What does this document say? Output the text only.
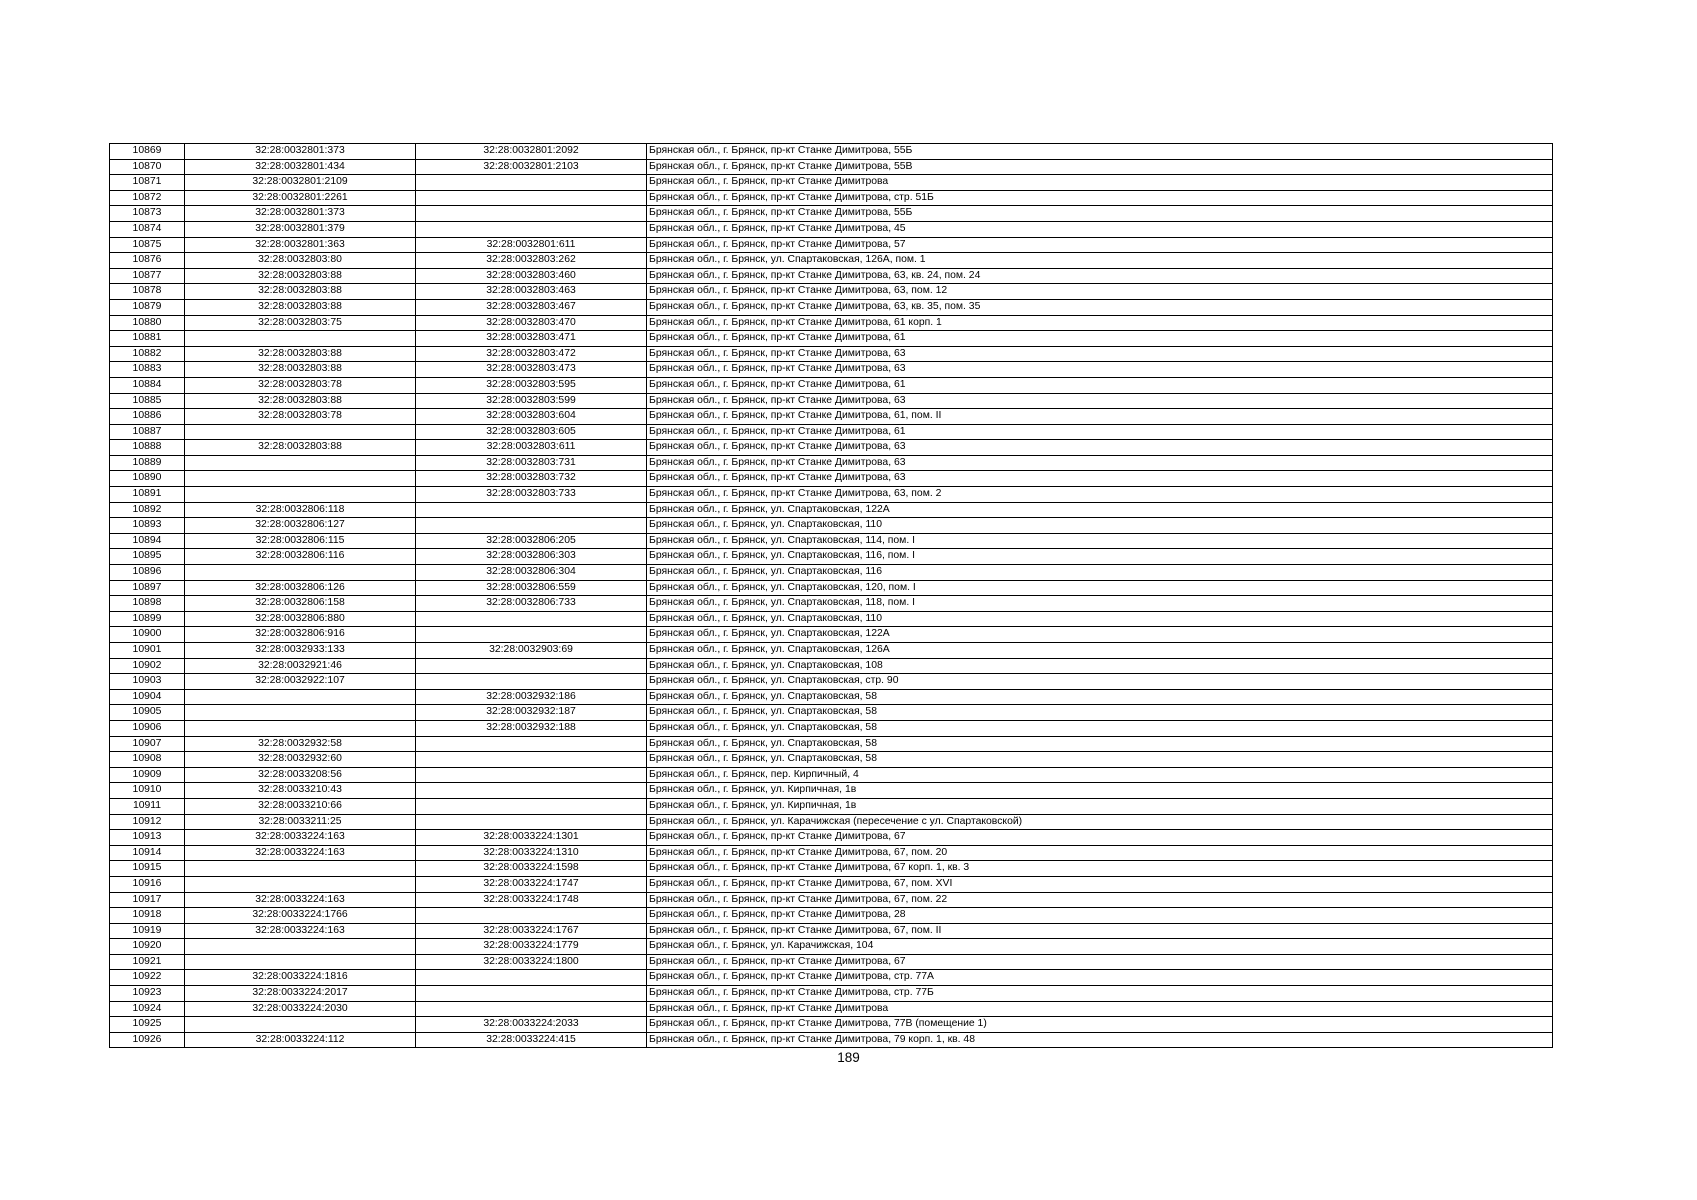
10869	32:28:0032801:373	32:28:0032801:2092	Брянская обл., г. Брянск, пр-кт Станке Димитрова, 55Б
10870	32:28:0032801:434	32:28:0032801:2103	Брянская обл., г. Брянск, пр-кт Станке Димитрова, 55В
10871	32:28:0032801:2109		Брянская обл., г. Брянск, пр-кт Станке Димитрова
10872	32:28:0032801:2261		Брянская обл., г. Брянск, пр-кт Станке Димитрова, стр. 51Б
10873	32:28:0032801:373		Брянская обл., г. Брянск, пр-кт Станке Димитрова, 55Б
10874	32:28:0032801:379		Брянская обл., г. Брянск, пр-кт Станке Димитрова, 45
10875	32:28:0032801:363	32:28:0032801:611	Брянская обл., г. Брянск, пр-кт Станке Димитрова, 57
10876	32:28:0032803:80	32:28:0032803:262	Брянская обл., г. Брянск, ул. Спартаковская, 126А, пом. 1
10877	32:28:0032803:88	32:28:0032803:460	Брянская обл., г. Брянск, пр-кт Станке Димитрова, 63, кв. 24, пом. 24
10878	32:28:0032803:88	32:28:0032803:463	Брянская обл., г. Брянск, пр-кт Станке Димитрова, 63, пом. 12
10879	32:28:0032803:88	32:28:0032803:467	Брянская обл., г. Брянск, пр-кт Станке Димитрова, 63, кв. 35, пом. 35
10880	32:28:0032803:75	32:28:0032803:470	Брянская обл., г. Брянск, пр-кт Станке Димитрова, 61 корп. 1
10881		32:28:0032803:471	Брянская обл., г. Брянск, пр-кт Станке Димитрова, 61
10882	32:28:0032803:88	32:28:0032803:472	Брянская обл., г. Брянск, пр-кт Станке Димитрова, 63
10883	32:28:0032803:88	32:28:0032803:473	Брянская обл., г. Брянск, пр-кт Станке Димитрова, 63
10884	32:28:0032803:78	32:28:0032803:595	Брянская обл., г. Брянск, пр-кт Станке Димитрова, 61
10885	32:28:0032803:88	32:28:0032803:599	Брянская обл., г. Брянск, пр-кт Станке Димитрова, 63
10886	32:28:0032803:78	32:28:0032803:604	Брянская обл., г. Брянск, пр-кт Станке Димитрова, 61, пом. II
10887		32:28:0032803:605	Брянская обл., г. Брянск, пр-кт Станке Димитрова, 61
10888	32:28:0032803:88	32:28:0032803:611	Брянская обл., г. Брянск, пр-кт Станке Димитрова, 63
10889		32:28:0032803:731	Брянская обл., г. Брянск, пр-кт Станке Димитрова, 63
10890		32:28:0032803:732	Брянская обл., г. Брянск, пр-кт Станке Димитрова, 63
10891		32:28:0032803:733	Брянская обл., г. Брянск, пр-кт Станке Димитрова, 63, пом. 2
10892	32:28:0032806:118		Брянская обл., г. Брянск, ул. Спартаковская, 122А
10893	32:28:0032806:127		Брянская обл., г. Брянск, ул. Спартаковская, 110
10894	32:28:0032806:115	32:28:0032806:205	Брянская обл., г. Брянск, ул. Спартаковская, 114, пом. I
10895	32:28:0032806:116	32:28:0032806:303	Брянская обл., г. Брянск, ул. Спартаковская, 116, пом. I
10896		32:28:0032806:304	Брянская обл., г. Брянск, ул. Спартаковская, 116
10897	32:28:0032806:126	32:28:0032806:559	Брянская обл., г. Брянск, ул. Спартаковская, 120, пом. I
10898	32:28:0032806:158	32:28:0032806:733	Брянская обл., г. Брянск, ул. Спартаковская, 118, пом. I
10899	32:28:0032806:880		Брянская обл., г. Брянск, ул. Спартаковская, 110
10900	32:28:0032806:916		Брянская обл., г. Брянск, ул. Спартаковская, 122А
10901	32:28:0032933:133	32:28:0032903:69	Брянская обл., г. Брянск, ул. Спартаковская, 126А
10902	32:28:0032921:46		Брянская обл., г. Брянск, ул. Спартаковская, 108
10903	32:28:0032922:107		Брянская обл., г. Брянск, ул. Спартаковская, стр. 90
10904		32:28:0032932:186	Брянская обл., г. Брянск, ул. Спартаковская, 58
10905		32:28:0032932:187	Брянская обл., г. Брянск, ул. Спартаковская, 58
10906		32:28:0032932:188	Брянская обл., г. Брянск, ул. Спартаковская, 58
10907	32:28:0032932:58		Брянская обл., г. Брянск, ул. Спартаковская, 58
10908	32:28:0032932:60		Брянская обл., г. Брянск, ул. Спартаковская, 58
10909	32:28:0033208:56		Брянская обл., г. Брянск, пер. Кирпичный, 4
10910	32:28:0033210:43		Брянская обл., г. Брянск, ул. Кирпичная, 1в
10911	32:28:0033210:66		Брянская обл., г. Брянск, ул. Кирпичная, 1в
10912	32:28:0033211:25		Брянская обл., г. Брянск, ул. Карачижская (пересечение с ул. Спартаковской)
10913	32:28:0033224:163	32:28:0033224:1301	Брянская обл., г. Брянск, пр-кт Станке Димитрова, 67
10914	32:28:0033224:163	32:28:0033224:1310	Брянская обл., г. Брянск, пр-кт Станке Димитрова, 67, пом. 20
10915		32:28:0033224:1598	Брянская обл., г. Брянск, пр-кт Станке Димитрова, 67 корп. 1, кв. 3
10916		32:28:0033224:1747	Брянская обл., г. Брянск, пр-кт Станке Димитрова, 67, пом. XVI
10917	32:28:0033224:163	32:28:0033224:1748	Брянская обл., г. Брянск, пр-кт Станке Димитрова, 67, пом. 22
10918	32:28:0033224:1766		Брянская обл., г. Брянск, пр-кт Станке Димитрова, 28
10919	32:28:0033224:163	32:28:0033224:1767	Брянская обл., г. Брянск, пр-кт Станке Димитрова, 67, пом. II
10920		32:28:0033224:1779	Брянская обл., г. Брянск, ул. Карачижская, 104
10921		32:28:0033224:1800	Брянская обл., г. Брянск, пр-кт Станке Димитрова, 67
10922	32:28:0033224:1816		Брянская обл., г. Брянск, пр-кт Станке Димитрова, стр. 77А
10923	32:28:0033224:2017		Брянская обл., г. Брянск, пр-кт Станке Димитрова, стр. 77Б
10924	32:28:0033224:2030		Брянская обл., г. Брянск, пр-кт Станке Димитрова
10925		32:28:0033224:2033	Брянская обл., г. Брянск, пр-кт Станке Димитрова, 77В (помещение 1)
10926	32:28:0033224:112	32:28:0033224:415	Брянская обл., г. Брянск, пр-кт Станке Димитрова, 79 корп. 1, кв. 48
189
